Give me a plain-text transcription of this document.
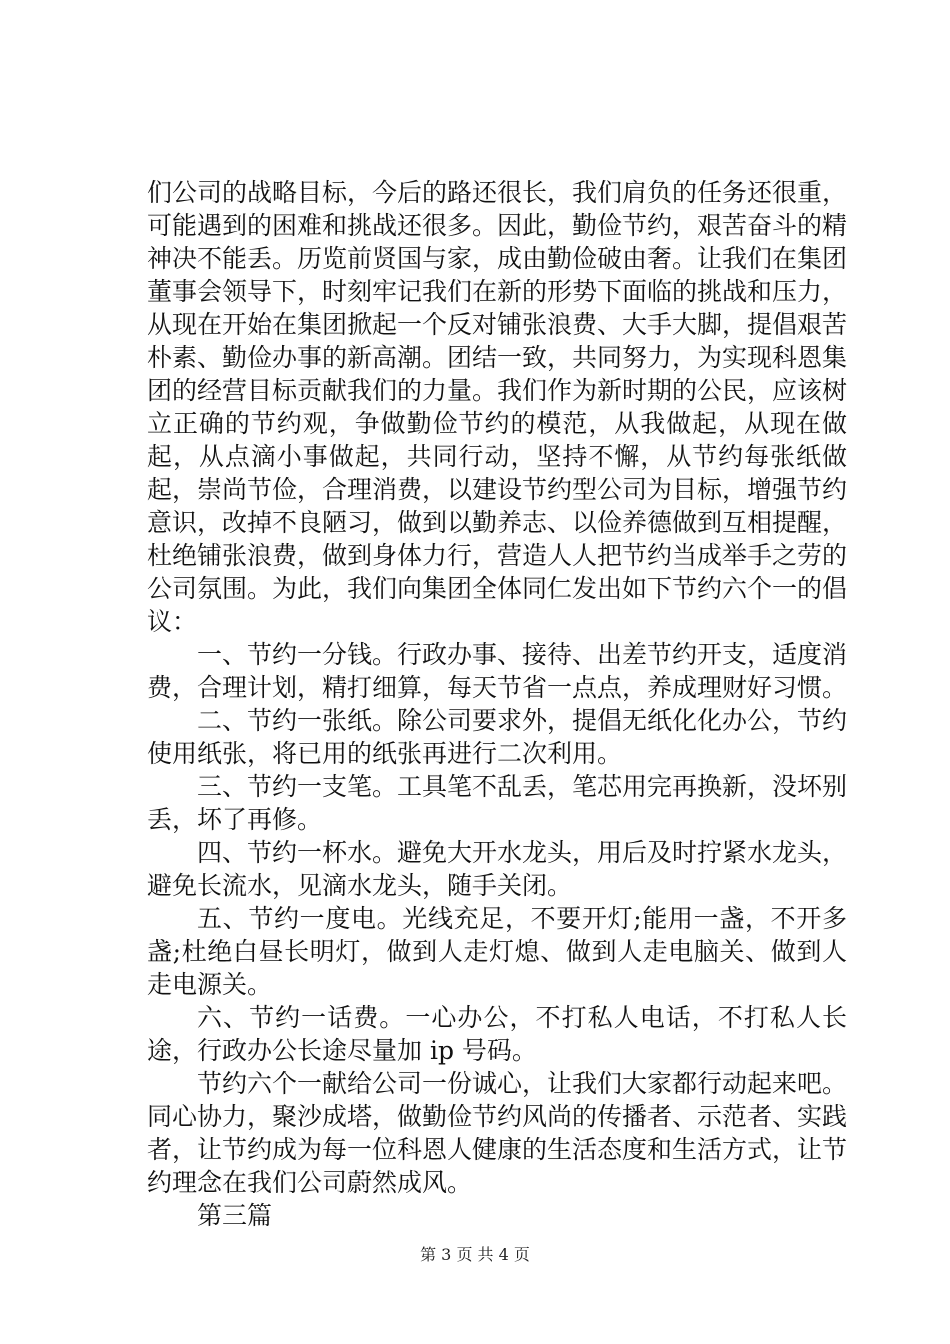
们公司的战略目标，今后的路还很长，我们肩负的任务还很重，可能遇到的困难和挑战还很多。因此，勤俭节约，艰苦奋斗的精神决不能丢。历览前贤国与家，成由勤俭破由奢。让我们在集团董事会领导下，时刻牢记我们在新的形势下面临的挑战和压力，从现在开始在集团掀起一个反对铺张浪费、大手大脚，提倡艰苦朴素、勤俭办事的新高潮。团结一致，共同努力，为实现科恩集团的经营目标贡献我们的力量。我们作为新时期的公民，应该树立正确的节约观，争做勤俭节约的模范，从我做起，从现在做起，从点滴小事做起，共同行动，坚持不懈，从节约每张纸做起，崇尚节俭，合理消费，以建设节约型公司为目标，增强节约意识，改掉不良陋习，做到以勤养志、以俭养德做到互相提醒，杜绝铺张浪费，做到身体力行，营造人人把节约当成举手之劳的公司氛围。为此，我们向集团全体同仁发出如下节约六个一的倡议：

一、节约一分钱。行政办事、接待、出差节约开支，适度消费，合理计划，精打细算，每天节省一点点，养成理财好习惯。

二、节约一张纸。除公司要求外，提倡无纸化化办公，节约使用纸张，将已用的纸张再进行二次利用。

三、节约一支笔。工具笔不乱丢，笔芯用完再换新，没坏别丢，坏了再修。

四、节约一杯水。避免大开水龙头，用后及时拧紧水龙头，避免长流水，见滴水龙头，随手关闭。

五、节约一度电。光线充足，不要开灯;能用一盏，不开多盏;杜绝白昼长明灯，做到人走灯熄、做到人走电脑关、做到人走电源关。

六、节约一话费。一心办公，不打私人电话，不打私人长途，行政办公长途尽量加 ip 号码。

节约六个一献给公司一份诚心，让我们大家都行动起来吧。同心协力，聚沙成塔，做勤俭节约风尚的传播者、示范者、实践者，让节约成为每一位科恩人健康的生活态度和生活方式，让节约理念在我们公司蔚然成风。

第三篇

第 3 页 共 4 页
